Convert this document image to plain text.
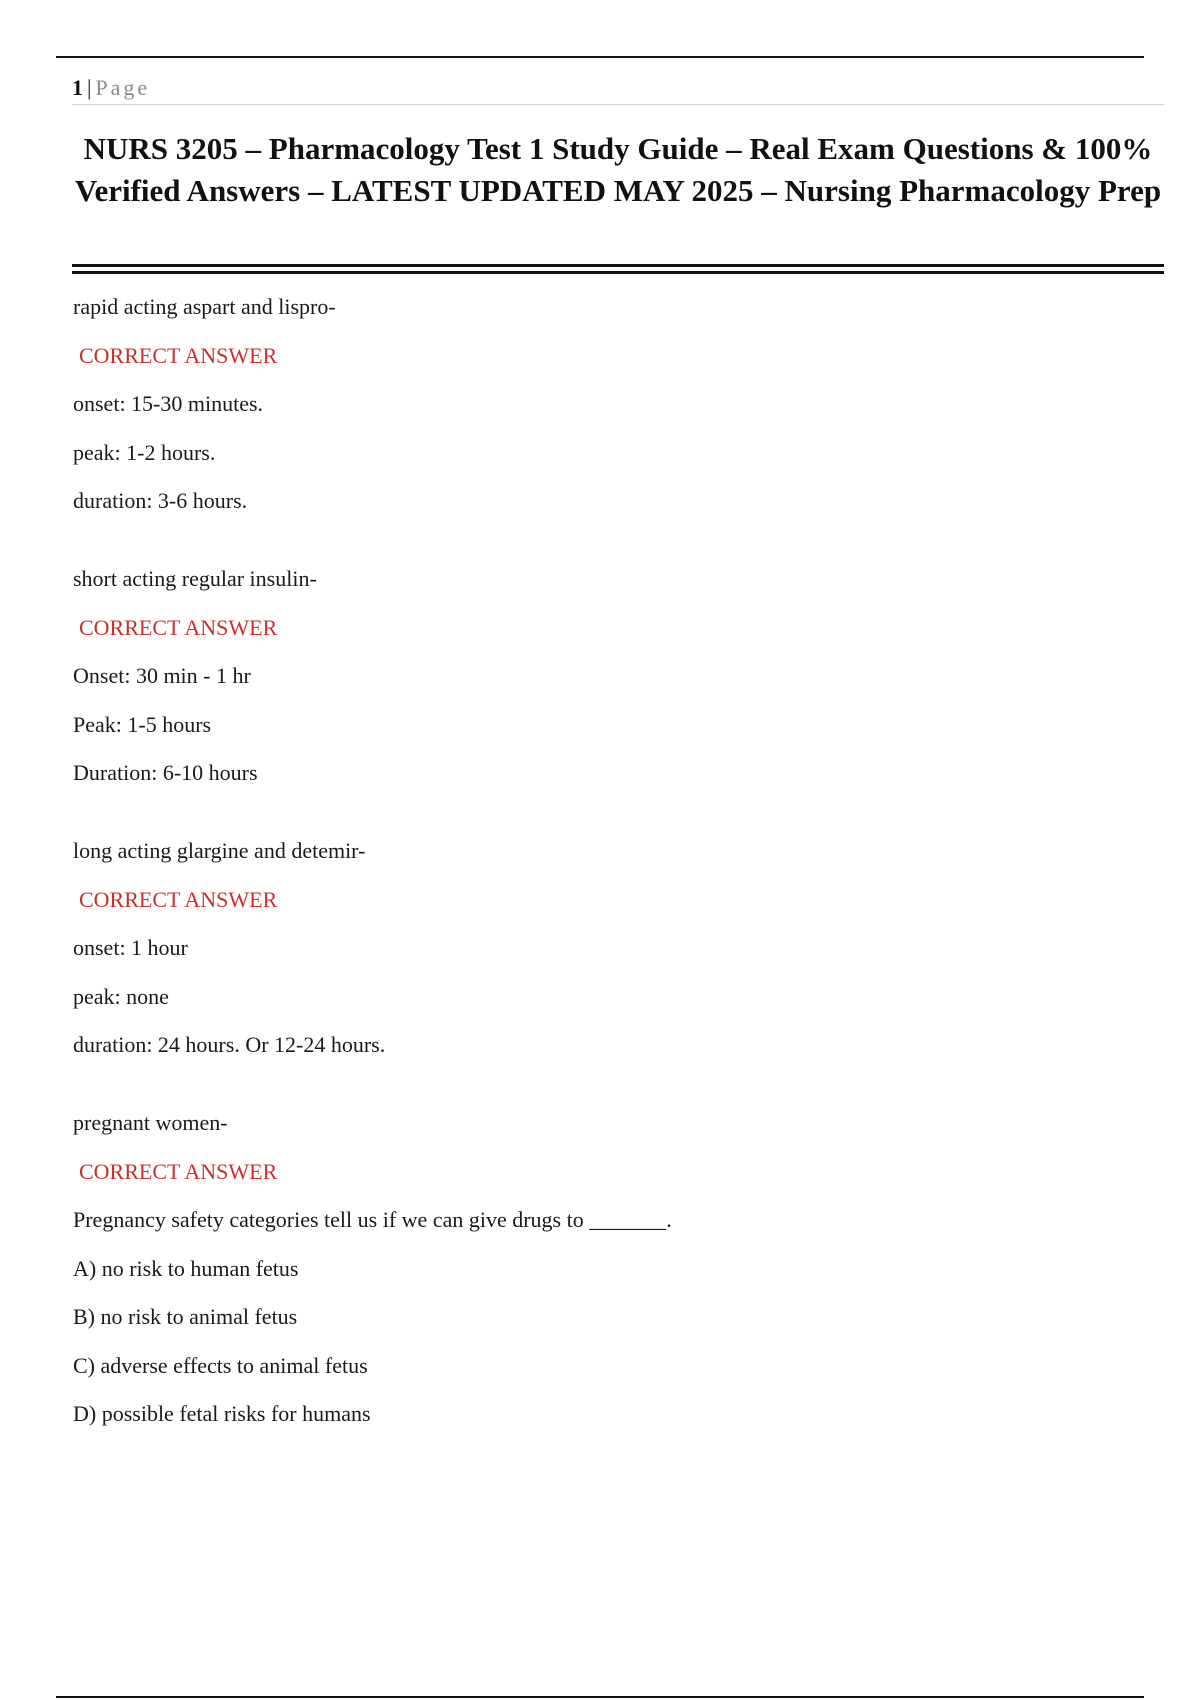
1 | Page
NURS 3205 – Pharmacology Test 1 Study Guide – Real Exam Questions & 100% Verified Answers – LATEST UPDATED MAY 2025 – Nursing Pharmacology Prep
rapid acting aspart and lispro-
CORRECT ANSWER
onset: 15-30 minutes.
peak: 1-2 hours.
duration: 3-6 hours.
short acting regular insulin-
CORRECT ANSWER
Onset: 30 min - 1 hr
Peak: 1-5 hours
Duration: 6-10 hours
long acting glargine and detemir-
CORRECT ANSWER
onset: 1 hour
peak: none
duration: 24 hours. Or 12-24 hours.
pregnant women-
CORRECT ANSWER
Pregnancy safety categories tell us if we can give drugs to _______.
A) no risk to human fetus
B) no risk to animal fetus
C) adverse effects to animal fetus
D) possible fetal risks for humans
